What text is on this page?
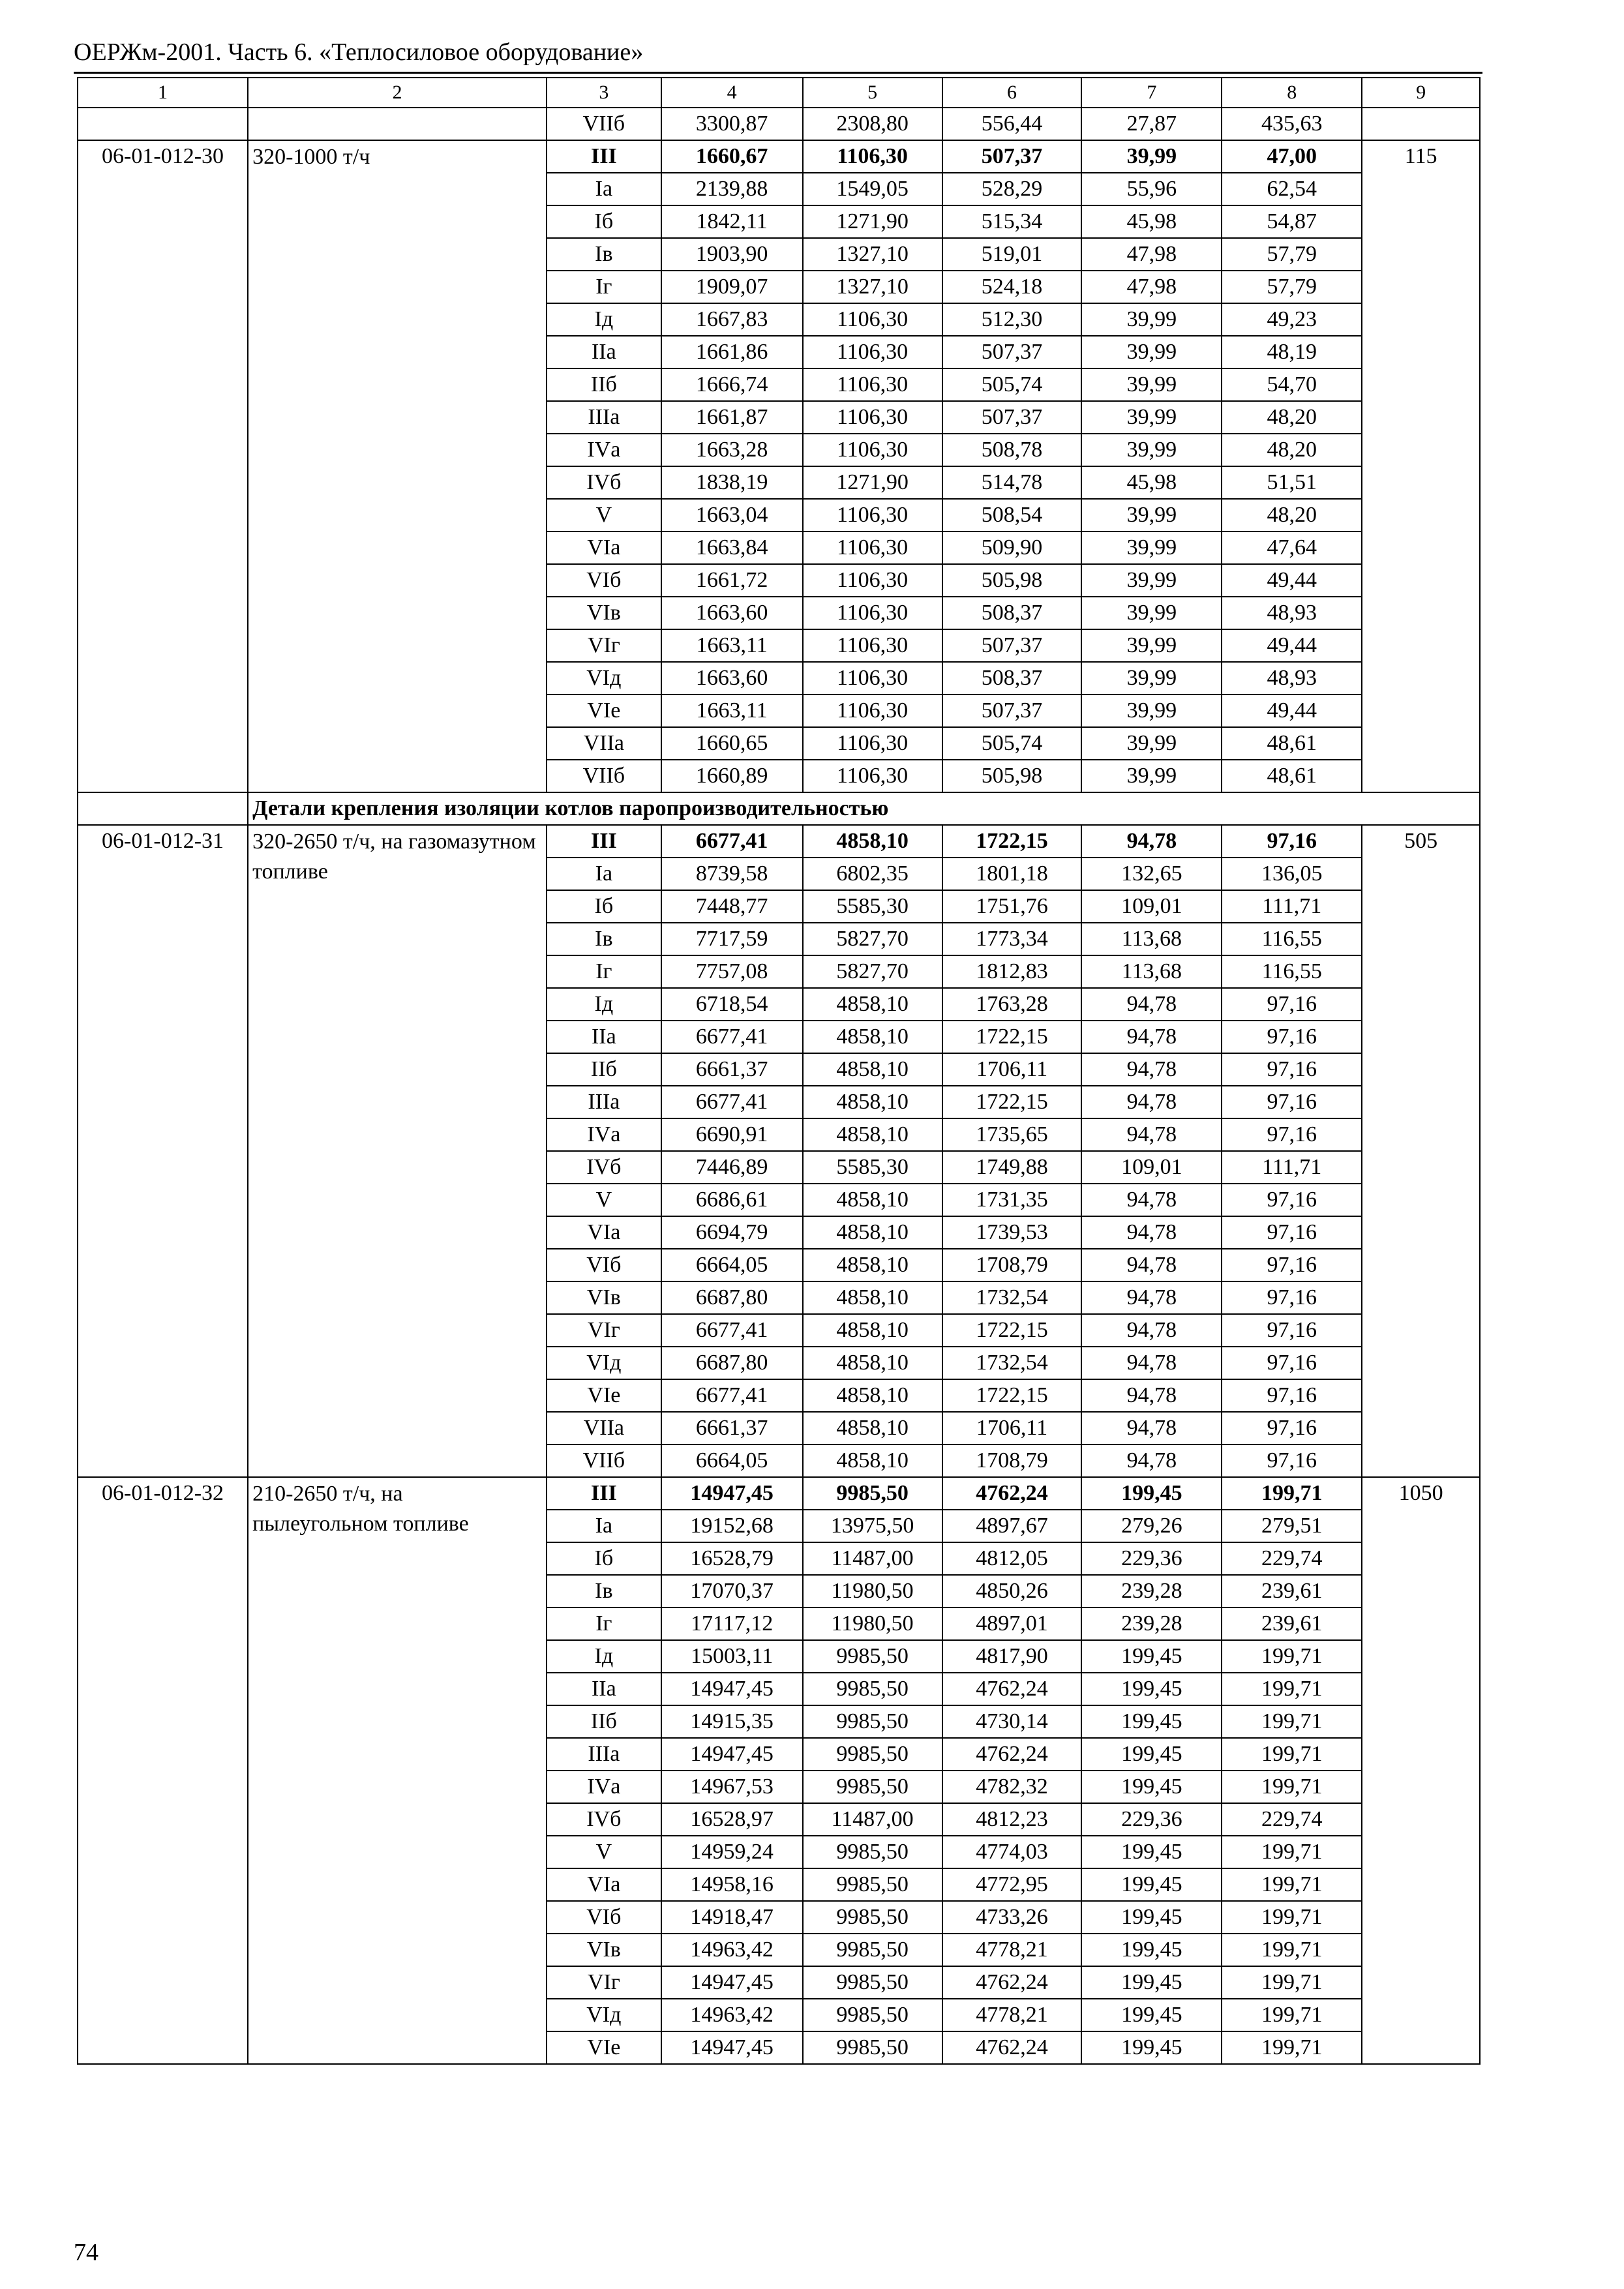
ОЕРЖм-2001. Часть 6. «Теплосиловое оборудование»
1	2	3	4	5	6	7	8	9
		VIIб	3300,87	2308,80	556,44	27,87	435,63	
06-01-012-30	320-1000 т/ч	III	1660,67	1106,30	507,37	39,99	47,00	115
		Iа	2139,88	1549,05	528,29	55,96	62,54	
		Iб	1842,11	1271,90	515,34	45,98	54,87	
		Iв	1903,90	1327,10	519,01	47,98	57,79	
		Iг	1909,07	1327,10	524,18	47,98	57,79	
		Iд	1667,83	1106,30	512,30	39,99	49,23	
		IIа	1661,86	1106,30	507,37	39,99	48,19	
		IIб	1666,74	1106,30	505,74	39,99	54,70	
		IIIа	1661,87	1106,30	507,37	39,99	48,20	
		IVа	1663,28	1106,30	508,78	39,99	48,20	
		IVб	1838,19	1271,90	514,78	45,98	51,51	
		V	1663,04	1106,30	508,54	39,99	48,20	
		VIа	1663,84	1106,30	509,90	39,99	47,64	
		VIб	1661,72	1106,30	505,98	39,99	49,44	
		VIв	1663,60	1106,30	508,37	39,99	48,93	
		VIг	1663,11	1106,30	507,37	39,99	49,44	
		VIд	1663,60	1106,30	508,37	39,99	48,93	
		VIе	1663,11	1106,30	507,37	39,99	49,44	
		VIIа	1660,65	1106,30	505,74	39,99	48,61	
		VIIб	1660,89	1106,30	505,98	39,99	48,61	
	Детали крепления изоляции котлов паропроизводительностью							
06-01-012-31	320-2650 т/ч, на газомазутном топливе	III	6677,41	4858,10	1722,15	94,78	97,16	505
		Iа	8739,58	6802,35	1801,18	132,65	136,05	
		Iб	7448,77	5585,30	1751,76	109,01	111,71	
		Iв	7717,59	5827,70	1773,34	113,68	116,55	
		Iг	7757,08	5827,70	1812,83	113,68	116,55	
		Iд	6718,54	4858,10	1763,28	94,78	97,16	
		IIа	6677,41	4858,10	1722,15	94,78	97,16	
		IIб	6661,37	4858,10	1706,11	94,78	97,16	
		IIIа	6677,41	4858,10	1722,15	94,78	97,16	
		IVа	6690,91	4858,10	1735,65	94,78	97,16	
		IVб	7446,89	5585,30	1749,88	109,01	111,71	
		V	6686,61	4858,10	1731,35	94,78	97,16	
		VIа	6694,79	4858,10	1739,53	94,78	97,16	
		VIб	6664,05	4858,10	1708,79	94,78	97,16	
		VIв	6687,80	4858,10	1732,54	94,78	97,16	
		VIг	6677,41	4858,10	1722,15	94,78	97,16	
		VIд	6687,80	4858,10	1732,54	94,78	97,16	
		VIе	6677,41	4858,10	1722,15	94,78	97,16	
		VIIа	6661,37	4858,10	1706,11	94,78	97,16	
		VIIб	6664,05	4858,10	1708,79	94,78	97,16	
06-01-012-32	210-2650 т/ч, на пылеугольном топливе	III	14947,45	9985,50	4762,24	199,45	199,71	1050
		Iа	19152,68	13975,50	4897,67	279,26	279,51	
		Iб	16528,79	11487,00	4812,05	229,36	229,74	
		Iв	17070,37	11980,50	4850,26	239,28	239,61	
		Iг	17117,12	11980,50	4897,01	239,28	239,61	
		Iд	15003,11	9985,50	4817,90	199,45	199,71	
		IIа	14947,45	9985,50	4762,24	199,45	199,71	
		IIб	14915,35	9985,50	4730,14	199,45	199,71	
		IIIа	14947,45	9985,50	4762,24	199,45	199,71	
		IVа	14967,53	9985,50	4782,32	199,45	199,71	
		IVб	16528,97	11487,00	4812,23	229,36	229,74	
		V	14959,24	9985,50	4774,03	199,45	199,71	
		VIа	14958,16	9985,50	4772,95	199,45	199,71	
		VIб	14918,47	9985,50	4733,26	199,45	199,71	
		VIв	14963,42	9985,50	4778,21	199,45	199,71	
		VIг	14947,45	9985,50	4762,24	199,45	199,71	
		VIд	14963,42	9985,50	4778,21	199,45	199,71	
		VIе	14947,45	9985,50	4762,24	199,45	199,71	
74
